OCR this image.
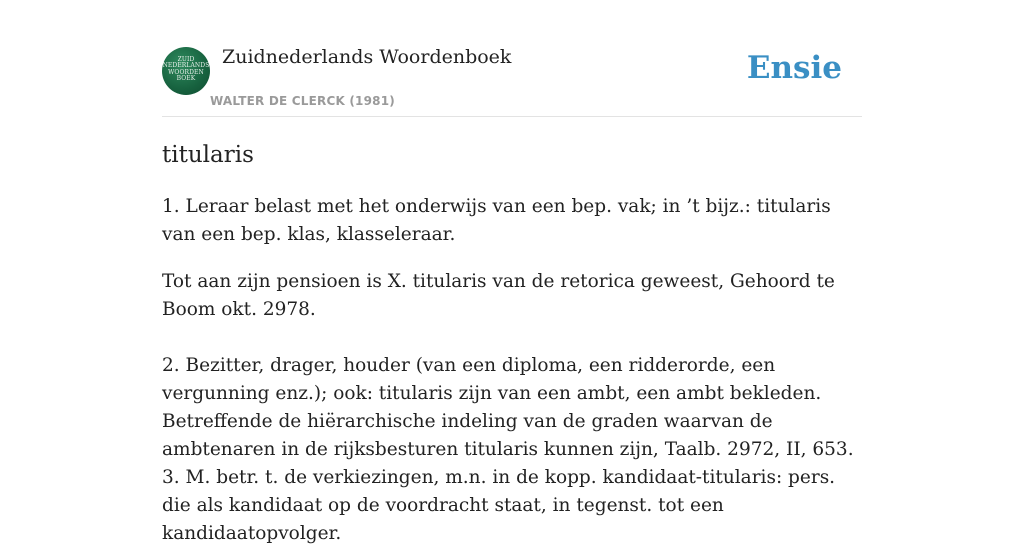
ZUID
NEDERLANDS
WOORDEN
BOEK
Zuidnederlands Woordenboek
WALTER DE CLERCK (1981)
Ensie
titularis

1. Leraar belast met het onderwijs van een bep. vak; in ’t bijz.: titularis van een bep. klas, klasseleraar.

Tot aan zijn pensioen is X. titularis van de retorica geweest, Gehoord te Boom okt. 2978.

2. Bezitter, drager, houder (van een diploma, een ridderorde, een vergunning enz.); ook: titularis zijn van een ambt, een ambt bekleden. Betreffende de hiërarchische indeling van de graden waarvan de ambtenaren in de rijksbesturen titularis kunnen zijn, Taalb. 2972, II, 653.

3. M. betr. t. de verkiezingen, m.n. in de kopp. kandidaat-titularis: pers. die als kandidaat op de voordracht staat, in tegenst. tot een kandidaatopvolger.
